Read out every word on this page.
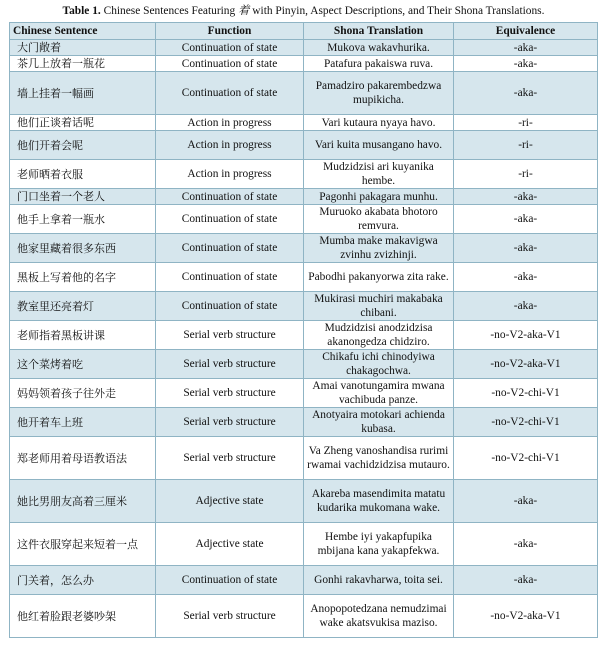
Table 1. Chinese Sentences Featuring 着 with Pinyin, Aspect Descriptions, and Their Shona Translations.
Chinese Sentence	Function	Shona Translation	Equivalence
大门敞着	Continuation of state	Mukova wakavhurika.	-aka-
茶几上放着一瓶花	Continuation of state	Patafura pakaiswa ruva.	-aka-
墙上挂着一幅画	Continuation of state	Pamadziro pakarembedzwa mupikicha.	-aka-
他们正谈着话呢	Action in progress	Vari kutaura nyaya havo.	-ri-
他们开着会呢	Action in progress	Vari kuita musangano havo.	-ri-
老师晒着衣服	Action in progress	Mudzidzisi ari kuyanika hembe.	-ri-
门口坐着一个老人	Continuation of state	Pagonhi pakagara munhu.	-aka-
他手上拿着一瓶水	Continuation of state	Muruoko akabata bhotoro remvura.	-aka-
他家里藏着很多东西	Continuation of state	Mumba make makavigwa zvinhu zvizhinji.	-aka-
黑板上写着他的名字	Continuation of state	Pabodhi pakanyorwa zita rake.	-aka-
教室里还亮着灯	Continuation of state	Mukirasi muchiri makabaka chibani.	-aka-
老师指着黑板讲课	Serial verb structure	Mudzidzisi anodzidzisa akanongedza chidziro.	-no-V2-aka-V1
这个菜烤着吃	Serial verb structure	Chikafu ichi chinodyiwa chakagochwa.	-no-V2-aka-V1
妈妈领着孩子往外走	Serial verb structure	Amai vanotungamira mwana vachibuda panze.	-no-V2-chi-V1
他开着车上班	Serial verb structure	Anotyaira motokari achienda kubasa.	-no-V2-chi-V1
郑老师用着母语教语法	Serial verb structure	Va Zheng vanoshandisa rurimi rwamai vachidzidzisa mutauro.	-no-V2-chi-V1
她比男朋友高着三厘米	Adjective state	Akareba masendimita matatu kudarika mukomana wake.	-aka-
这件衣服穿起来短着一点	Adjective state	Hembe iyi yakapfupika mbijana kana yakapfekwa.	-aka-
门关着，怎么办	Continuation of state	Gonhi rakavharwa, toita sei.	-aka-
他红着脸跟老婆吵架	Serial verb structure	Anopopotedzana nemudzimai wake akatsvukisa maziso.	-no-V2-aka-V1
